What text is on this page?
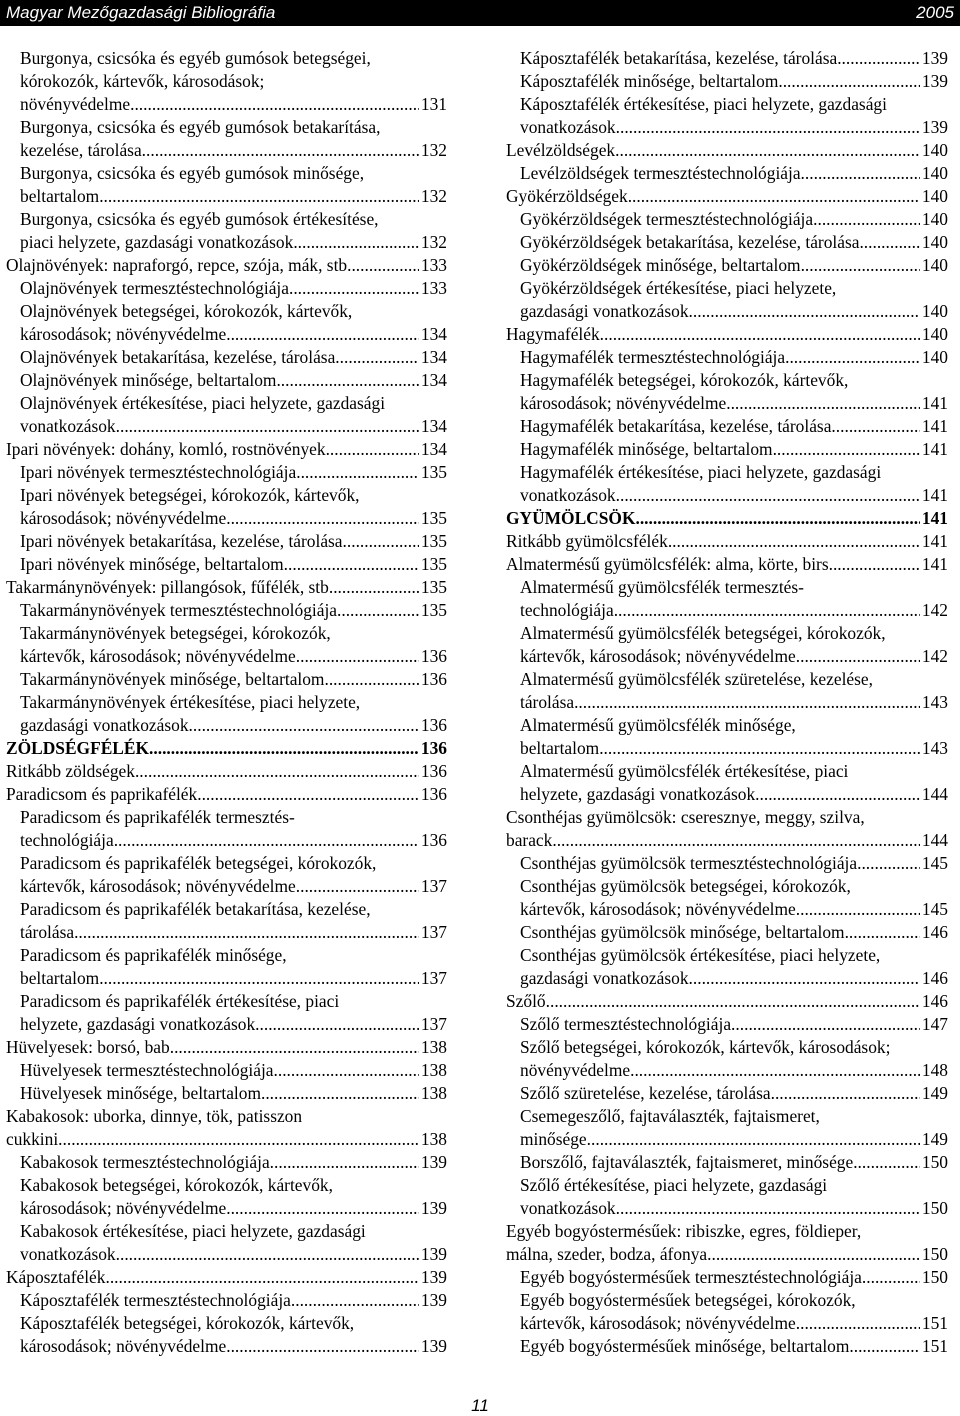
Magyar Mezőgazdasági Bibliográfia	2005
Burgonya, csicsóka és egyéb gumósok betegségei,
kórokozók, kártevők, károsodások;
növényvédelme .....	131
Burgonya, csicsóka és egyéb gumósok betakarítása,
kezelése, tárolása .....	132
Burgonya, csicsóka és egyéb gumósok minősége,
beltartalom .....	132
Burgonya, csicsóka és egyéb gumósok értékesítése,
piaci helyzete, gazdasági vonatkozások .....	132
Olajnövények: napraforgó, repce, szója, mák, stb. .....	133
Olajnövények termesztéstechnológiája .....	133
Olajnövények betegségei, kórokozók, kártevők,
károsodások; növényvédelme .....	134
Olajnövények betakarítása, kezelése, tárolása .....	134
Olajnövények minősége, beltartalom .....	134
Olajnövények értékesítése, piaci helyzete, gazdasági
vonatkozások .....	134
Ipari növények: dohány, komló, rostnövények .....	134
Ipari növények termesztéstechnológiája .....	135
Ipari növények betegségei, kórokozók, kártevők,
károsodások; növényvédelme .....	135
Ipari növények betakarítása, kezelése, tárolása .....	135
Ipari növények minősége, beltartalom .....	135
Takarmánynövények: pillangósok, fűfélék, stb. .....	135
Takarmánynövények termesztéstechnológiája .....	135
Takarmánynövények betegségei, kórokozók,
kártevők, károsodások; növényvédelme .....	136
Takarmánynövények minősége, beltartalom .....	136
Takarmánynövények értékesítése, piaci helyzete,
gazdasági vonatkozások .....	136
ZÖLDSÉGFÉLÉK .....	136
Ritkább zöldségek .....	136
Paradicsom és paprikafélék .....	136
Paradicsom és paprikafélék termesztés-
technológiája .....	136
Paradicsom és paprikafélék betegségei, kórokozók,
kártevők, károsodások; növényvédelme .....	137
Paradicsom és paprikafélék betakarítása, kezelése,
tárolása .....	137
Paradicsom és paprikafélék minősége,
beltartalom .....	137
Paradicsom és paprikafélék értékesítése, piaci
helyzete, gazdasági vonatkozások .....	137
Hüvelyesek: borsó, bab .....	138
Hüvelyesek termesztéstechnológiája .....	138
Hüvelyesek minősége, beltartalom .....	138
Kabakosok: uborka, dinnye, tök, patisszon
cukkini .....	138
Kabakosok termesztéstechnológiája .....	139
Kabakosok betegségei, kórokozók, kártevők,
károsodások; növényvédelme .....	139
Kabakosok értékesítése, piaci helyzete, gazdasági
vonatkozások .....	139
Káposztafélék .....	139
Káposztafélék termesztéstechnológiája .....	139
Káposztafélék betegségei, kórokozók, kártevők,
károsodások; növényvédelme .....	139
Káposztafélék betakarítása, kezelése, tárolása .....	139
Káposztafélék minősége, beltartalom .....	139
Káposztafélék értékesítése, piaci helyzete, gazdasági
vonatkozások .....	139
Levélzöldségek .....	140
Levélzöldségek termesztéstechnológiája .....	140
Gyökérzöldségek .....	140
Gyökérzöldségek termesztéstechnológiája .....	140
Gyökérzöldségek betakarítása, kezelése, tárolása .....	140
Gyökérzöldségek minősége, beltartalom .....	140
Gyökérzöldségek értékesítése, piaci helyzete,
gazdasági vonatkozások .....	140
Hagymafélék .....	140
Hagymafélék termesztéstechnológiája .....	140
Hagymafélék betegségei, kórokozók, kártevők,
károsodások; növényvédelme .....	141
Hagymafélék betakarítása, kezelése, tárolása .....	141
Hagymafélék minősége, beltartalom .....	141
Hagymafélék értékesítése, piaci helyzete, gazdasági
vonatkozások .....	141
GYÜMÖLCSÖK .....	141
Ritkább gyümölcsfélék .....	141
Almatermésű gyümölcsfélék: alma, körte, birs .....	141
Almatermésű gyümölcsfélék termesztés-
technológiája .....	142
Almatermésű gyümölcsfélék betegségei, kórokozók,
kártevők, károsodások; növényvédelme .....	142
Almatermésű gyümölcsfélék szüretelése, kezelése,
tárolása .....	143
Almatermésű gyümölcsfélék minősége,
beltartalom .....	143
Almatermésű gyümölcsfélék értékesítése, piaci
helyzete, gazdasági vonatkozások .....	144
Csonthéjas gyümölcsök: cseresznye, meggy, szilva,
barack .....	144
Csonthéjas gyümölcsök termesztéstechnológiája .....	145
Csonthéjas gyümölcsök betegségei, kórokozók,
kártevők, károsodások; növényvédelme .....	145
Csonthéjas gyümölcsök minősége, beltartalom .....	146
Csonthéjas gyümölcsök értékesítése, piaci helyzete,
gazdasági vonatkozások .....	146
Szőlő .....	146
Szőlő termesztéstechnológiája .....	147
Szőlő betegségei, kórokozók, kártevők, károsodások;
növényvédelme .....	148
Szőlő szüretelése, kezelése, tárolása .....	149
Csemegeszőlő, fajtaválaszték, fajtaismeret,
minősége .....	149
Borszőlő, fajtaválaszték, fajtaismeret, minősége .....	150
Szőlő értékesítése, piaci helyzete, gazdasági
vonatkozások .....	150
Egyéb bogyóstermésűek: ribiszke, egres, földieper,
málna, szeder, bodza, áfonya .....	150
Egyéb bogyóstermésűek termesztéstechnológiája .....	150
Egyéb bogyóstermésűek betegségei, kórokozók,
kártevők, károsodások; növényvédelme .....	151
Egyéb bogyóstermésűek minősége, beltartalom .....	151
11
